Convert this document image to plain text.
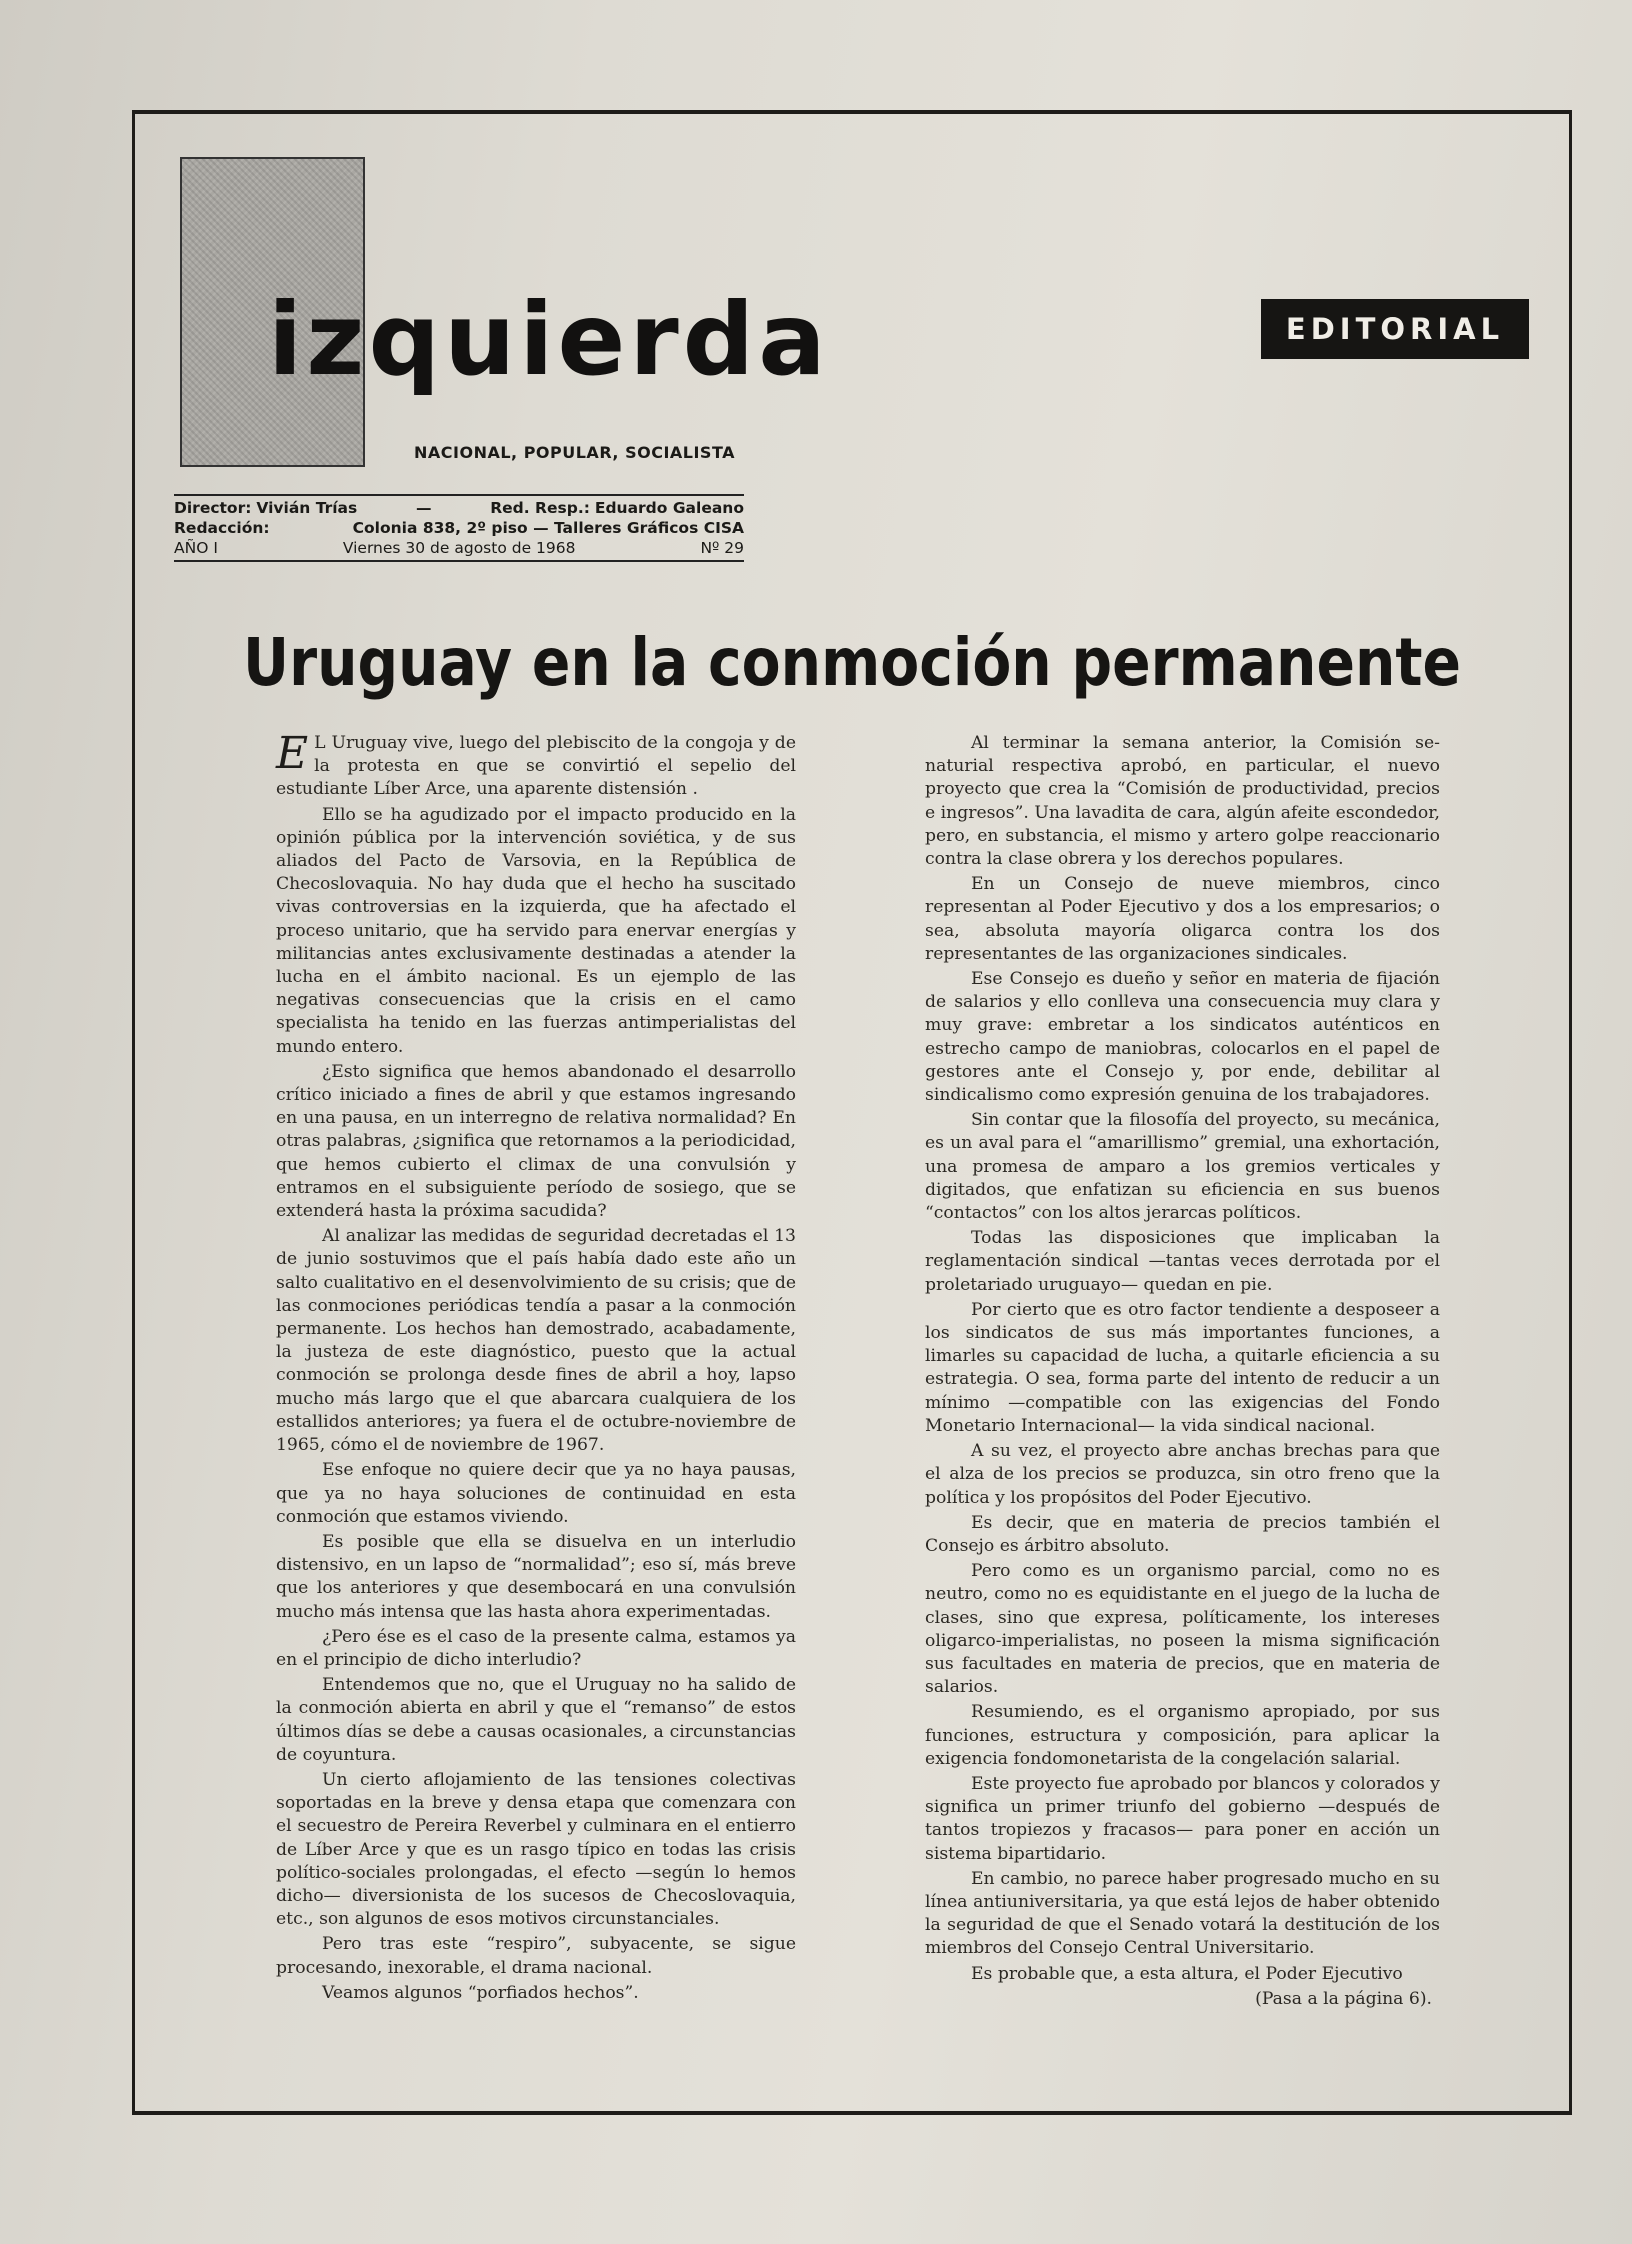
izquierda
NACIONAL, POPULAR, SOCIALISTA
Director: Vivián Trías	—	Red. Resp.: Eduardo Galeano
Redacción:	Colonia 838, 2º piso — Talleres Gráficos CISA
AÑO I	Viernes 30 de agosto de 1968	Nº 29
EDITORIAL
Uruguay en la conmoción permanente

E L Uruguay vive, luego del plebiscito de la congoja y de la protesta en que se convirtió el sepelio del estudiante Líber Arce, una aparente distensión .

Ello se ha agudizado por el impacto producido en la opinión pública por la intervención soviética, y de sus aliados del Pacto de Varsovia, en la República de Checoslovaquia. No hay duda que el hecho ha suscitado vivas controversias en la izquierda, que ha afectado el proceso unitario, que ha servido para enervar energías y militancias antes exclusivamente destinadas a atender la lucha en el ámbito nacional. Es un ejemplo de las negativas consecuencias que la crisis en el camo specialista ha tenido en las fuerzas antimperialistas del mundo entero.

¿Esto significa que hemos abandonado el desarrollo crítico iniciado a fines de abril y que estamos ingresando en una pausa, en un interregno de relativa normalidad? En otras palabras, ¿significa que retornamos a la periodicidad, que hemos cubierto el climax de una convulsión y entramos en el subsiguiente período de sosiego, que se extenderá hasta la próxima sacudida?

Al analizar las medidas de seguridad decretadas el 13 de junio sostuvimos que el país había dado este año un salto cualitativo en el desenvolvimiento de su crisis; que de las conmociones periódicas tendía a pasar a la conmoción permanente. Los hechos han demostrado, acabadamente, la justeza de este diagnóstico, puesto que la actual conmoción se prolonga desde fines de abril a hoy, lapso mucho más largo que el que abarcara cualquiera de los estallidos anteriores; ya fuera el de octubre-noviembre de 1965, cómo el de noviembre de 1967.

Ese enfoque no quiere decir que ya no haya pausas, que ya no haya soluciones de continuidad en esta conmoción que estamos viviendo.

Es posible que ella se disuelva en un interludio distensivo, en un lapso de “normalidad”; eso sí, más breve que los anteriores y que desembocará en una convulsión mucho más intensa que las hasta ahora experimentadas.

¿Pero ése es el caso de la presente calma, estamos ya en el principio de dicho interludio?

Entendemos que no, que el Uruguay no ha salido de la conmoción abierta en abril y que el “remanso” de estos últimos días se debe a causas ocasionales, a circunstancias de coyuntura.

Un cierto aflojamiento de las tensiones colectivas soportadas en la breve y densa etapa que comenzara con el secuestro de Pereira Reverbel y culminara en el entierro de Líber Arce y que es un rasgo típico en todas las crisis político-sociales prolongadas, el efecto —según lo hemos dicho— diversionista de los sucesos de Checoslovaquia, etc., son algunos de esos motivos circunstanciales.

Pero tras este “respiro”, subyacente, se sigue procesando, inexorable, el drama nacional.

Veamos algunos “porfiados hechos”.

Al terminar la semana anterior, la Comisión se-naturial respectiva aprobó, en particular, el nuevo proyecto que crea la “Comisión de productividad, precios e ingresos”. Una lavadita de cara, algún afeite escondedor, pero, en substancia, el mismo y artero golpe reaccionario contra la clase obrera y los derechos populares.

En un Consejo de nueve miembros, cinco representan al Poder Ejecutivo y dos a los empresarios; o sea, absoluta mayoría oligarca contra los dos representantes de las organizaciones sindicales.

Ese Consejo es dueño y señor en materia de fijación de salarios y ello conlleva una consecuencia muy clara y muy grave: embretar a los sindicatos auténticos en estrecho campo de maniobras, colocarlos en el papel de gestores ante el Consejo y, por ende, debilitar al sindicalismo como expresión genuina de los trabajadores.

Sin contar que la filosofía del proyecto, su mecánica, es un aval para el “amarillismo” gremial, una exhortación, una promesa de amparo a los gremios verticales y digitados, que enfatizan su eficiencia en sus buenos “contactos” con los altos jerarcas políticos.

Todas las disposiciones que implicaban la reglamentación sindical —tantas veces derrotada por el proletariado uruguayo— quedan en pie.

Por cierto que es otro factor tendiente a desposeer a los sindicatos de sus más importantes funciones, a limarles su capacidad de lucha, a quitarle eficiencia a su estrategia. O sea, forma parte del intento de reducir a un mínimo —compatible con las exigencias del Fondo Monetario Internacional— la vida sindical nacional.

A su vez, el proyecto abre anchas brechas para que el alza de los precios se produzca, sin otro freno que la política y los propósitos del Poder Ejecutivo.

Es decir, que en materia de precios también el Consejo es árbitro absoluto.

Pero como es un organismo parcial, como no es neutro, como no es equidistante en el juego de la lucha de clases, sino que expresa, políticamente, los intereses oligarco-imperialistas, no poseen la misma significación sus facultades en materia de precios, que en materia de salarios.

Resumiendo, es el organismo apropiado, por sus funciones, estructura y composición, para aplicar la exigencia fondomonetarista de la congelación salarial.

Este proyecto fue aprobado por blancos y colorados y significa un primer triunfo del gobierno —después de tantos tropiezos y fracasos— para poner en acción un sistema bipartidario.

En cambio, no parece haber progresado mucho en su línea antiuniversitaria, ya que está lejos de haber obtenido la seguridad de que el Senado votará la destitución de los miembros del Consejo Central Universitario.

Es probable que, a esta altura, el Poder Ejecutivo

(Pasa a la página 6).
